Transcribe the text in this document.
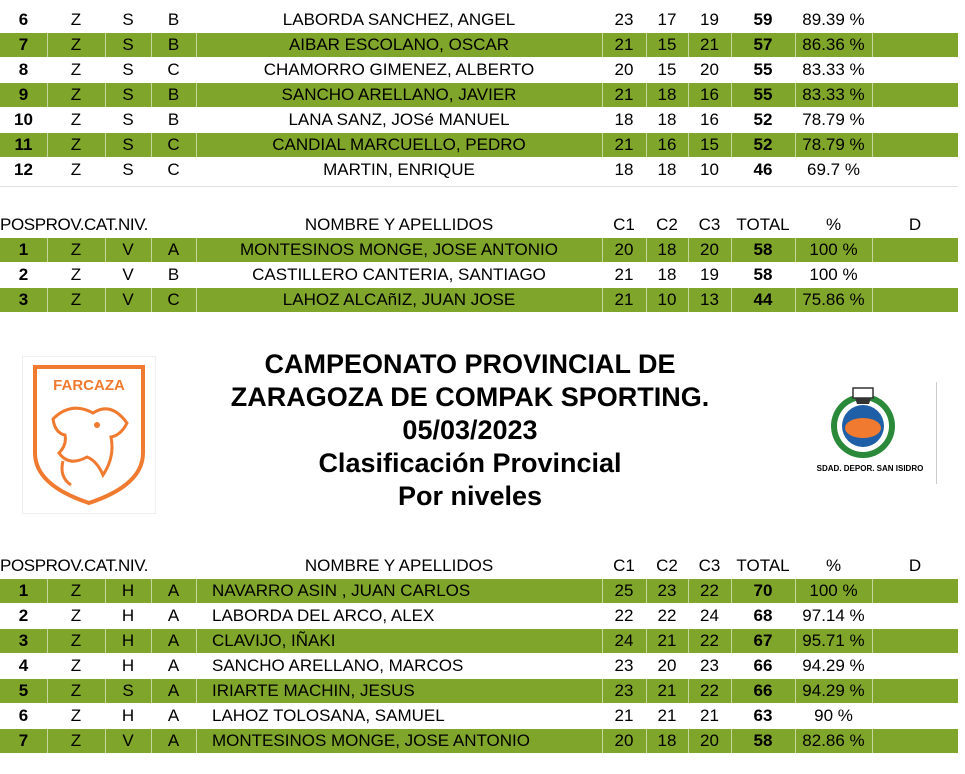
6	Z	S	B	LABORDA SANCHEZ, ANGEL	23	17	19	59	89.39 %
7	Z	S	B	AIBAR ESCOLANO, OSCAR	21	15	21	57	86.36 %
8	Z	S	C	CHAMORRO GIMENEZ, ALBERTO	20	15	20	55	83.33 %
9	Z	S	B	SANCHO ARELLANO, JAVIER	21	18	16	55	83.33 %
10	Z	S	B	LANA SANZ, JOSé MANUEL	18	18	16	52	78.79 %
11	Z	S	C	CANDIAL MARCUELLO, PEDRO	21	16	15	52	78.79 %
12	Z	S	C	MARTIN, ENRIQUE	18	18	10	46	69.7 %
POSPROV.CAT.NIV.	NOMBRE Y APELLIDOS	C1	C2	C3 TOTAL	%	D
1	Z	V	A	MONTESINOS MONGE, JOSE ANTONIO	20	18	20	58	100 %
2	Z	V	B	CASTILLERO CANTERIA, SANTIAGO	21	18	19	58	100 %
3	Z	V	C	LAHOZ ALCAñIZ, JUAN JOSE	21	10	13	44	75.86 %
FARCAZA
CAMPEONATO PROVINCIAL DE
ZARAGOZA DE COMPAK SPORTING.
05/03/2023
Clasificación Provincial
Por niveles
SDAD. DEPOR. SAN ISIDRO
POSPROV.CAT.NIV.	NOMBRE Y APELLIDOS	C1	C2	C3 TOTAL	%	D
1	Z	H	A	NAVARRO ASIN , JUAN CARLOS	25	23	22	70	100 %
2	Z	H	A	LABORDA DEL ARCO, ALEX	22	22	24	68	97.14 %
3	Z	H	A	CLAVIJO, IÑAKI	24	21	22	67	95.71 %
4	Z	H	A	SANCHO ARELLANO, MARCOS	23	20	23	66	94.29 %
5	Z	S	A	IRIARTE MACHIN, JESUS	23	21	22	66	94.29 %
6	Z	H	A	LAHOZ TOLOSANA, SAMUEL	21	21	21	63	90 %
7	Z	V	A	MONTESINOS MONGE, JOSE ANTONIO	20	18	20	58	82.86 %
